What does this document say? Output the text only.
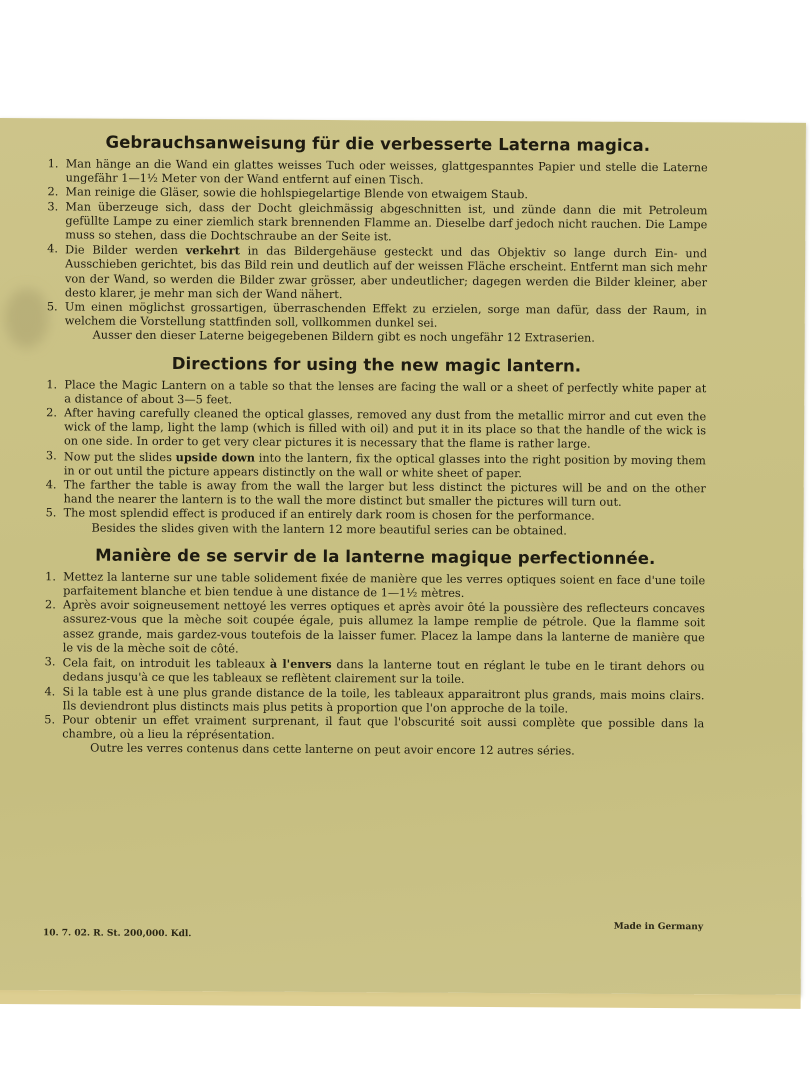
Gebrauchsanweisung für die verbesserte Laterna magica.
1. Man hänge an die Wand ein glattes weisses Tuch oder weisses, glattgespanntes Papier und stelle die Laterne ungefähr 1—1½ Meter von der Wand entfernt auf einen Tisch.
2. Man reinige die Gläser, sowie die hohlspiegelartige Blende von etwaigem Staub.
3. Man überzeuge sich, dass der Docht gleichmässig abgeschnitten ist, und zünde dann die mit Petroleum gefüllte Lampe zu einer ziemlich stark brennenden Flamme an. Dieselbe darf jedoch nicht rauchen. Die Lampe muss so stehen, dass die Dochtschraube an der Seite ist.
4. Die Bilder werden verkehrt in das Bildergehäuse gesteckt und das Objektiv so lange durch Ein- und Ausschieben gerichtet, bis das Bild rein und deutlich auf der weissen Fläche erscheint. Entfernt man sich mehr von der Wand, so werden die Bilder zwar grösser, aber undeutlicher; dagegen werden die Bilder kleiner, aber desto klarer, je mehr man sich der Wand nähert.
5. Um einen möglichst grossartigen, überraschenden Effekt zu erzielen, sorge man dafür, dass der Raum, in welchem die Vorstellung stattfinden soll, vollkommen dunkel sei.

Ausser den dieser Laterne beigegebenen Bildern gibt es noch ungefähr 12 Extraserien.

Directions for using the new magic lantern.
1. Place the Magic Lantern on a table so that the lenses are facing the wall or a sheet of perfectly white paper at a distance of about 3—5 feet.
2. After having carefully cleaned the optical glasses, removed any dust from the metallic mirror and cut even the wick of the lamp, light the lamp (which is filled with oil) and put it in its place so that the handle of the wick is on one side. In order to get very clear pictures it is necessary that the flame is rather large.
3. Now put the slides upside down into the lantern, fix the optical glasses into the right position by moving them in or out until the picture appears distinctly on the wall or white sheet of paper.
4. The farther the table is away from the wall the larger but less distinct the pictures will be and on the other hand the nearer the lantern is to the wall the more distinct but smaller the pictures will turn out.
5. The most splendid effect is produced if an entirely dark room is chosen for the performance.

Besides the slides given with the lantern 12 more beautiful series can be obtained.

Manière de se servir de la lanterne magique perfectionnée.
1. Mettez la lanterne sur une table solidement fixée de manière que les verres optiques soient en face d'une toile parfaitement blanche et bien tendue à une distance de 1—1½ mètres.
2. Après avoir soigneusement nettoyé les verres optiques et après avoir ôté la poussière des reflecteurs concaves assurez-vous que la mèche soit coupée égale, puis allumez la lampe remplie de pétrole. Que la flamme soit assez grande, mais gardez-vous toutefois de la laisser fumer. Placez la lampe dans la lanterne de manière que le vis de la mèche soit de côté.
3. Cela fait, on introduit les tableaux à l'envers dans la lanterne tout en réglant le tube en le tirant dehors ou dedans jusqu'à ce que les tableaux se reflètent clairement sur la toile.
4. Si la table est à une plus grande distance de la toile, les tableaux apparaitront plus grands, mais moins clairs. Ils deviendront plus distincts mais plus petits à proportion que l'on approche de la toile.
5. Pour obtenir un effet vraiment surprenant, il faut que l'obscurité soit aussi complète que possible dans la chambre, où a lieu la réprésentation.

Outre les verres contenus dans cette lanterne on peut avoir encore 12 autres séries.

10. 7. 02. R. St. 200,000. Kdl.
Made in Germany
